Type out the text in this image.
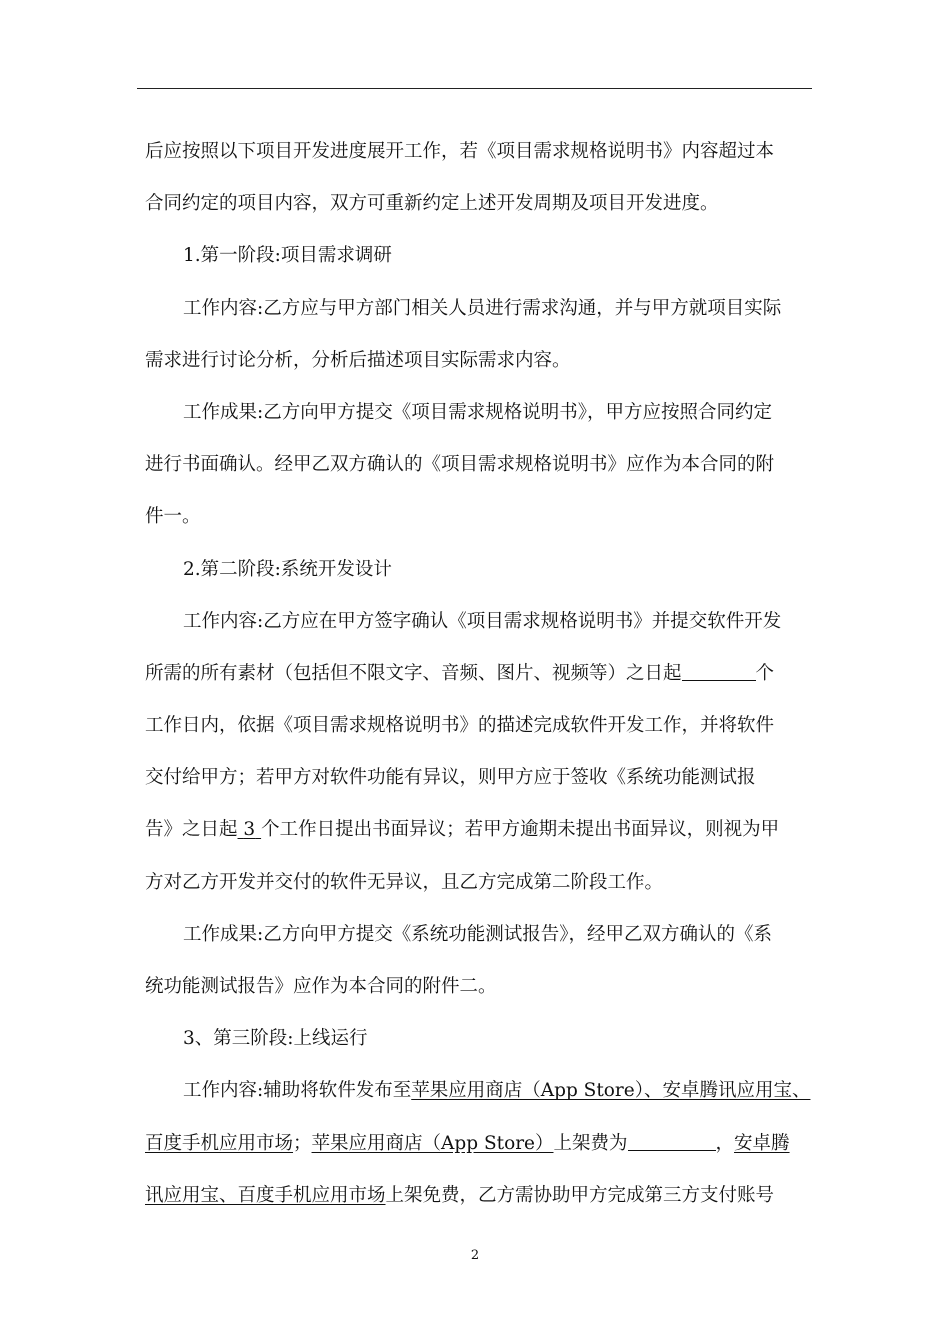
后应按照以下项目开发进度展开工作，若《项目需求规格说明书》内容超过本
合同约定的项目内容，双方可重新约定上述开发周期及项目开发进度。
1.第一阶段:项目需求调研
工作内容:乙方应与甲方部门相关人员进行需求沟通，并与甲方就项目实际
需求进行讨论分析，分析后描述项目实际需求内容。
工作成果:乙方向甲方提交《项目需求规格说明书》，甲方应按照合同约定
进行书面确认。经甲乙双方确认的《项目需求规格说明书》应作为本合同的附
件一。
2.第二阶段:系统开发设计
工作内容:乙方应在甲方签字确认《项目需求规格说明书》并提交软件开发
所需的所有素材（包括但不限文字、音频、图片、视频等）之日起	个
工作日内，依据《项目需求规格说明书》的描述完成软件开发工作，并将软件
交付给甲方；若甲方对软件功能有异议，则甲方应于签收《系统功能测试报
告》之日起 3 个工作日提出书面异议；若甲方逾期未提出书面异议，则视为甲
方对乙方开发并交付的软件无异议，且乙方完成第二阶段工作。
工作成果:乙方向甲方提交《系统功能测试报告》，经甲乙双方确认的《系
统功能测试报告》应作为本合同的附件二。
3、第三阶段:上线运行
工作内容:辅助将软件发布至苹果应用商店（App Store）、安卓腾讯应用宝、
百度手机应用市场；苹果应用商店（App Store）上架费为	，安卓腾
讯应用宝、百度手机应用市场上架免费，乙方需协助甲方完成第三方支付账号
2
